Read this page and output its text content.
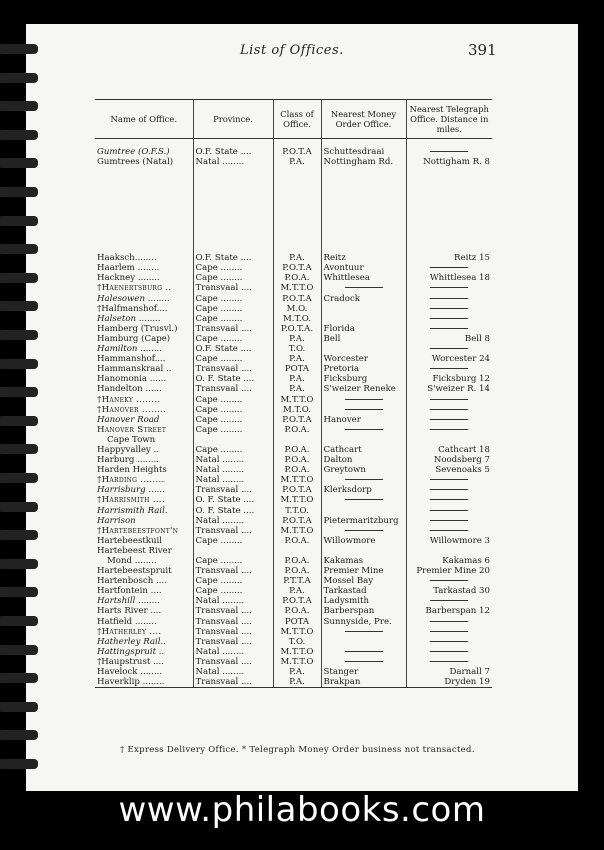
List of Offices.	391
Name of Office.	Province.	Class of Office.	Nearest Money Order Office.	Nearest Telegraph Office. Distance in miles.

Gumtree (O.F.S.)	O.F. State ....	P.O.T.A	Schuttesdraai	
Gumtrees (Natal)	Natal ........	P.A.	Nottingham Rd.	Nottigham R. 8

Haaksch........	O.F. State ....	P.A.	Reitz	Reitz 15
Haarlem ........	Cape ........	P.O.T.A	Avontuur	
Hackney ........	Cape ........	P.O.A.	Whittlesea	Whittlesea 18
†Haenertsburg ..	Transvaal ....	M.T.T.O		
Halesowen ........	Cape ........	P.O.T.A	Cradock	
†Halfmanshof....	Cape ........	M.O.		
Halseton ........	Cape ........	M.T.O.		
Hamberg (Trusvl.)	Transvaal ....	P.O.T.A.	Florida	
Hamburg (Cape)	Cape ........	P.A.	Bell	Bell 8
Hamilton ........	O.F. State ....	T.O.		
Hammanshof....	Cape ........	P.A.	Worcester	Worcester 24
Hammanskraal ..	Transvaal ....	POTA	Pretoria	
Hanomonia ......	O. F. State ....	P.A.	Ficksburg	Ficksburg 12
Handelton ......	Transvaal ....	P.A.	S'weizer Reneke	S'weizer R. 14
†Haneky ........	Cape ........	M.T.T.O		
†Hanover ........	Cape ........	M.T.O.		
Hanover Road	Cape ........	P.O.T.A	Hanover	
Hanover Street	Cape ........	P.O.A.		
Cape Town				
Happyvalley ..	Cape ........	P.O.A.	Cathcart	Cathcart 18
Harburg ........	Natal ........	P.O.A.	Dalton	Noodsberg 7
Harden Heights	Natal ........	P.O.A.	Greytown	Sevenoaks 5
†Harding ........	Natal ........	M.T.T.O		
Harrisburg ......	Transvaal ....	P.O.T.A	Klerksdorp	
†Harrismith ....	O. F. State ....	M.T.T.O		
Harrismith Rail.	O. F. State ....	T.T.O.		
Harrison	Natal ........	P.O.T.A	Pietermaritzburg	
†Hartebeestfont'n	Transvaal ....	M.T.T.O		
Hartebeestkuil	Cape ........	P.O.A.	Willowmore	Willowmore 3
Hartebeest River				
Mond ........	Cape ........	P.O.A.	Kakamas	Kakamas 6
Hartebeestspruit	Transvaal ....	P.O.A.	Premier Mine	Premier Mine 20
Hartenbosch ....	Cape ........	P.T.T.A	Mossel Bay	
Hartfontein ....	Cape ........	P.A.	Tarkastad	Tarkastad 30
Hartshill ........	Natal ........	P.O.T.A	Ladysmith	
Harts River ....	Transvaal ....	P.O.A.	Barberspan	Barberspan 12
Hatfield ........	Transvaal ....	POTA	Sunnyside, Pre.	
†Hatherley ....	Transvaal ....	M.T.T.O		
Hatherley Rail..	Transvaal ....	T.O.		
Hattingspruit ..	Natal ........	M.T.T.O		
†Haupstrust ....	Transvaal ....	M.T.T.O		
Havelock ........	Natal ........	P.A.	Stanger	Darnall 7
Haverklip ........	Transvaal ....	P.A.	Brakpan	Dryden 19
† Express Delivery Office. * Telegraph Money Order business not transacted.
www.philabooks.com
